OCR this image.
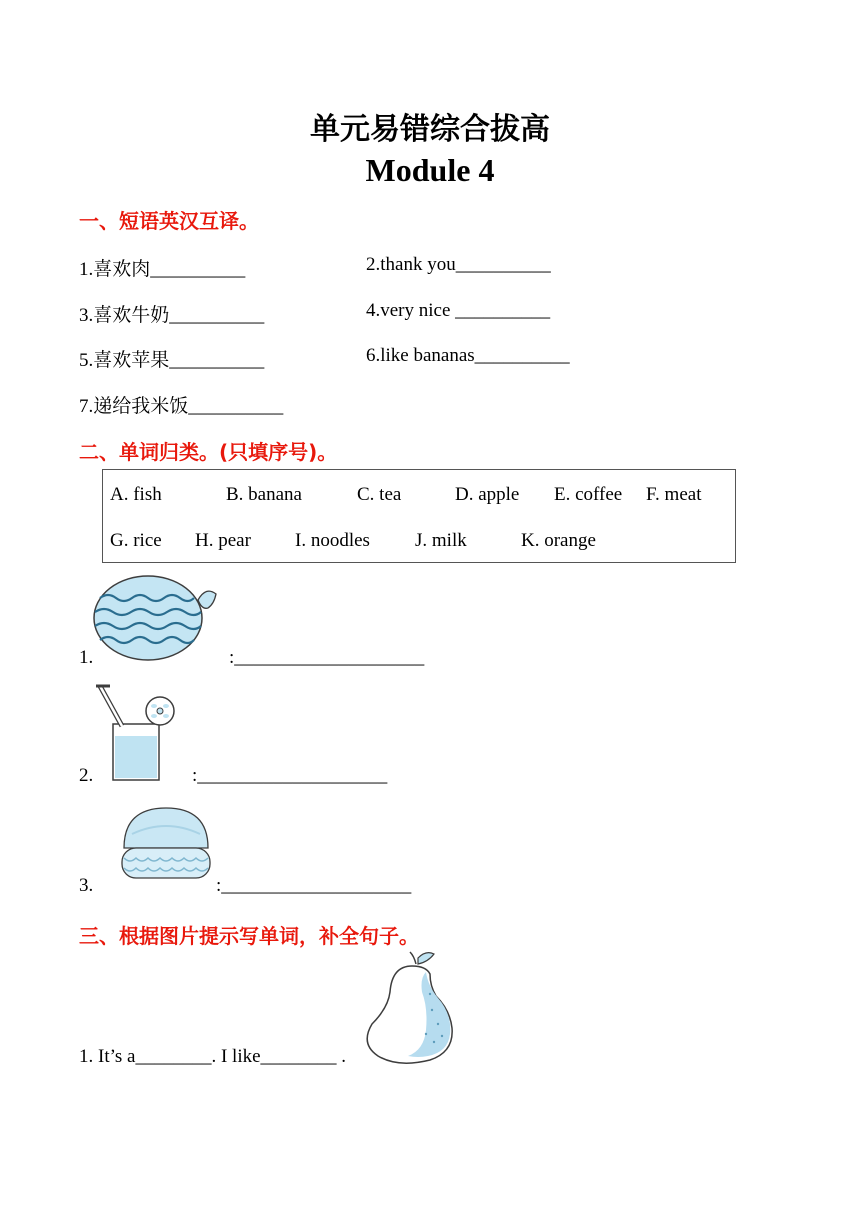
单元易错综合拔高
Module 4
一、短语英汉互译。
1.喜欢肉__________	2.thank you__________
3.喜欢牛奶__________	4.very nice __________
5.喜欢苹果__________	6.like bananas__________
7.递给我米饭__________
二、单词归类。(只填序号)。
A. fish	B. banana	C. tea	D. apple E. coffee F. meat
G. rice H. pear I. noodles J. milk	K. orange
1.	:____________________
2.	:____________________
3.	:____________________
三、根据图片提示写单词，补全句子。
1. It’s a________. I like________ .
